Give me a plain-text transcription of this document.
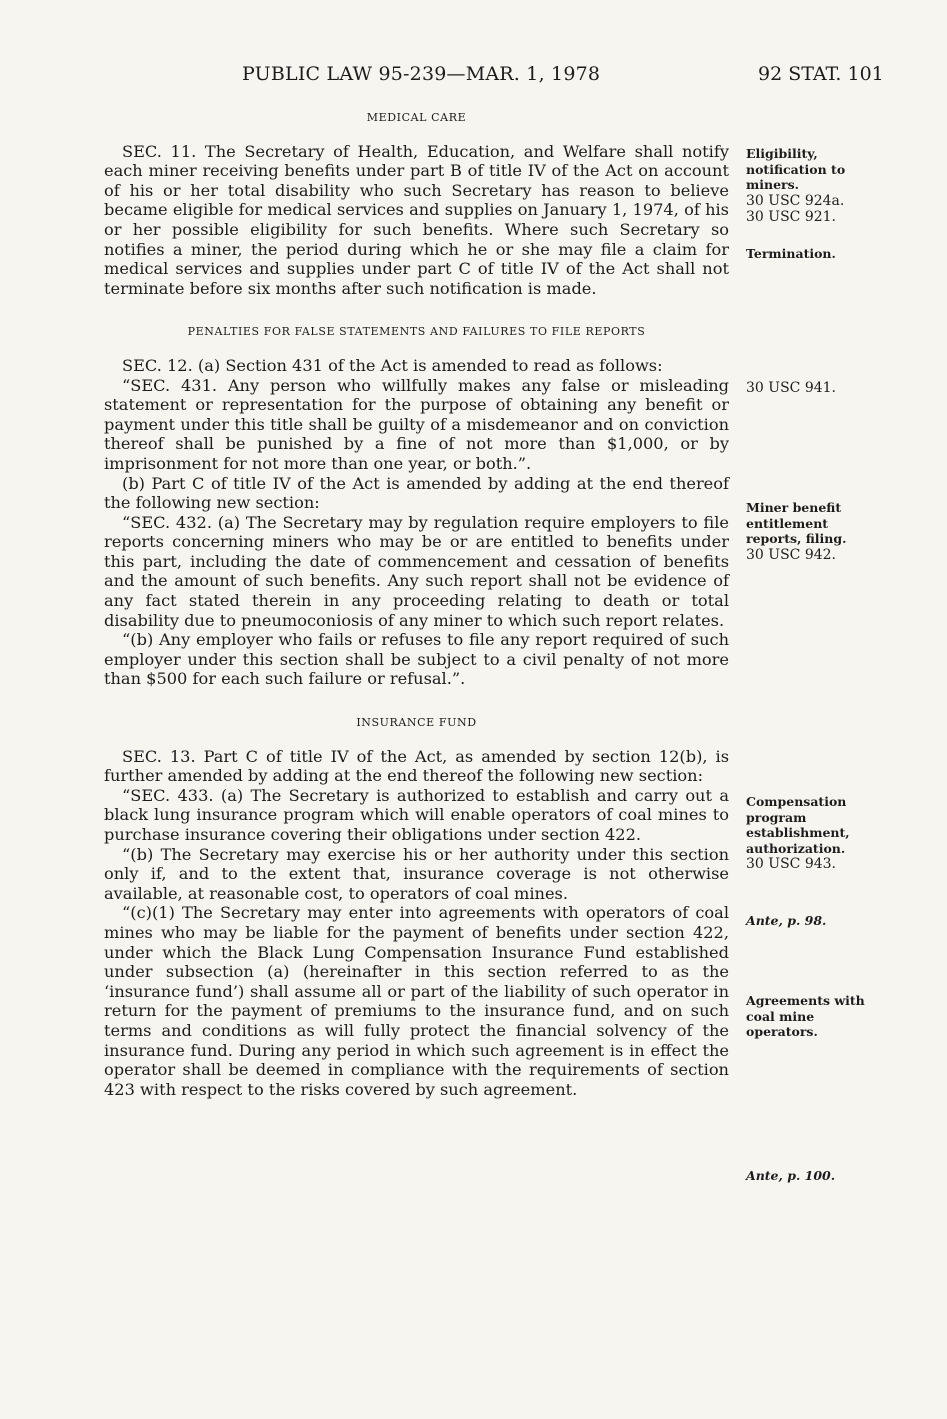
PUBLIC LAW 95-239—MAR. 1, 1978	92 STAT. 101
MEDICAL CARE

SEC. 11. The Secretary of Health, Education, and Welfare shall notify each miner receiving benefits under part B of title IV of the Act on account of his or her total disability who such Secretary has reason to believe became eligible for medical services and supplies on January 1, 1974, of his or her possible eligibility for such benefits. Where such Secretary so notifies a miner, the period during which he or she may file a claim for medical services and supplies under part C of title IV of the Act shall not terminate before six months after such notification is made.

PENALTIES FOR FALSE STATEMENTS AND FAILURES TO FILE REPORTS

SEC. 12. (a) Section 431 of the Act is amended to read as follows:

“SEC. 431. Any person who willfully makes any false or misleading statement or representation for the purpose of obtaining any benefit or payment under this title shall be guilty of a misdemeanor and on conviction thereof shall be punished by a fine of not more than $1,000, or by imprisonment for not more than one year, or both.”.

(b) Part C of title IV of the Act is amended by adding at the end thereof the following new section:

“SEC. 432. (a) The Secretary may by regulation require employers to file reports concerning miners who may be or are entitled to benefits under this part, including the date of commencement and cessation of benefits and the amount of such benefits. Any such report shall not be evidence of any fact stated therein in any proceeding relating to death or total disability due to pneumoconiosis of any miner to which such report relates.

“(b) Any employer who fails or refuses to file any report required of such employer under this section shall be subject to a civil penalty of not more than $500 for each such failure or refusal.”.

INSURANCE FUND

SEC. 13. Part C of title IV of the Act, as amended by section 12(b), is further amended by adding at the end thereof the following new section:

“SEC. 433. (a) The Secretary is authorized to establish and carry out a black lung insurance program which will enable operators of coal mines to purchase insurance covering their obligations under section 422.

“(b) The Secretary may exercise his or her authority under this section only if, and to the extent that, insurance coverage is not otherwise available, at reasonable cost, to operators of coal mines.

“(c)(1) The Secretary may enter into agreements with operators of coal mines who may be liable for the payment of benefits under section 422, under which the Black Lung Compensation Insurance Fund established under subsection (a) (hereinafter in this section referred to as the ‘insurance fund’) shall assume all or part of the liability of such operator in return for the payment of premiums to the insurance fund, and on such terms and conditions as will fully protect the financial solvency of the insurance fund. During any period in which such agreement is in effect the operator shall be deemed in compliance with the requirements of section 423 with respect to the risks covered by such agreement.

Eligibility, notification to miners.
30 USC 924a.
30 USC 921.
Termination.
30 USC 941.
Miner benefit entitlement reports, filing.
30 USC 942.
Compensation program establishment, authorization.
30 USC 943.
Ante, p. 98.
Agreements with coal mine operators.
Ante, p. 100.
